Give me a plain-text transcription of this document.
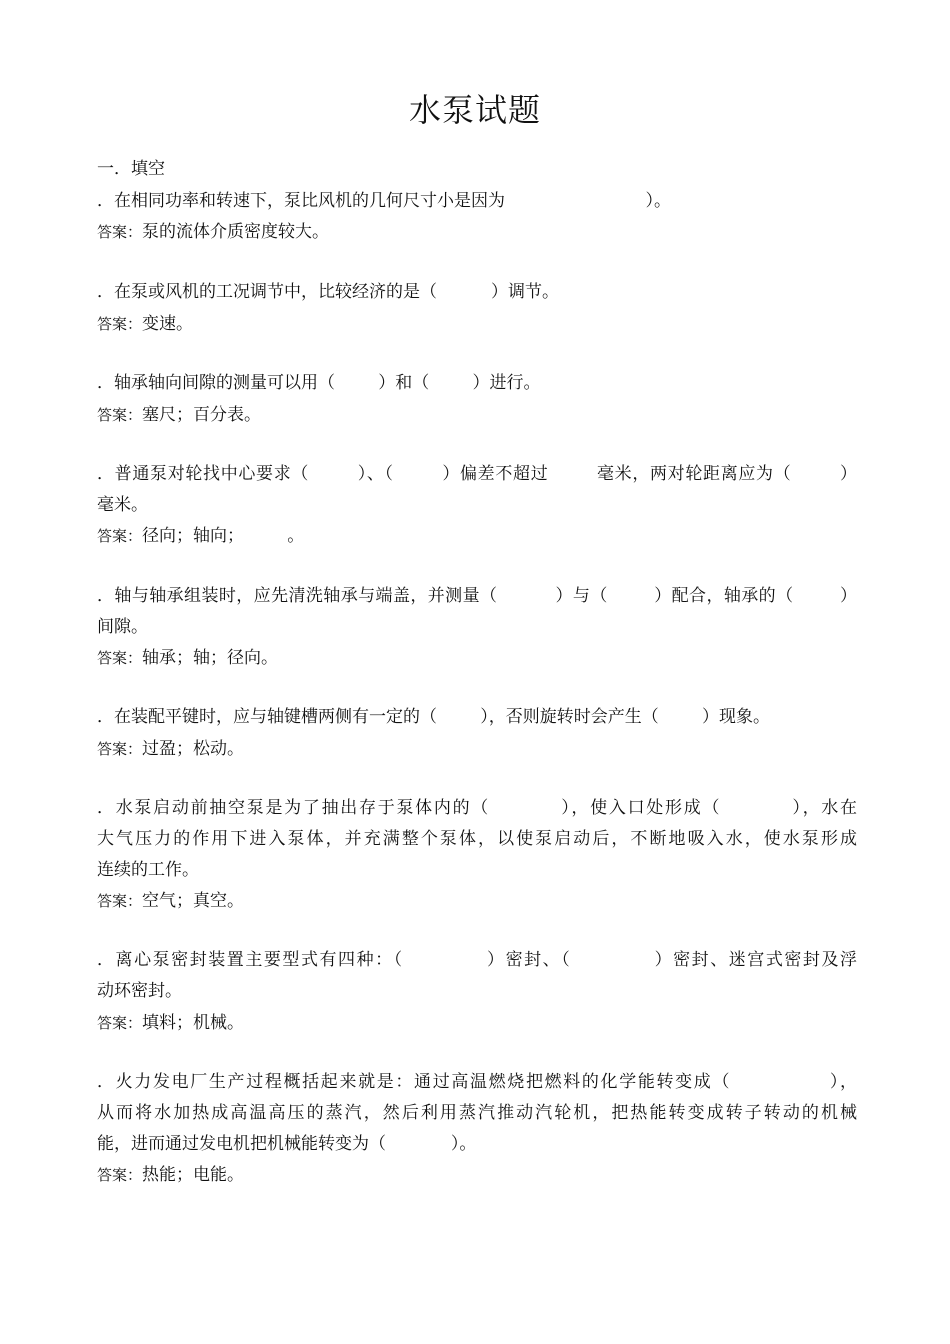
水泵试题
一．填空
．在相同功率和转速下，泵比风机的几何尺寸小是因为                          ）。
答案：泵的流体介质密度较大。
．在泵或风机的工况调节中，比较经济的是（          ）调节。
答案：变速。
．轴承轴向间隙的测量可以用（        ）和（        ）进行。
答案：塞尺；百分表。
．普通泵对轮找中心要求（        ）、（        ）偏差不超过        毫米，两对轮距离应为（        ）
毫米。
答案：径向；轴向；        。
．轴与轴承组装时，应先清洗轴承与端盖，并测量（          ）与（        ）配合，轴承的（        ）
间隙。
答案：轴承；轴；径向。
．在装配平键时，应与轴键槽两侧有一定的（        ），否则旋转时会产生（        ）现象。
答案：过盈；松动。
．水泵启动前抽空泵是为了抽出存于泵体内的（          ），使入口处形成（          ），水在
大气压力的作用下进入泵体，并充满整个泵体，以使泵启动后，不断地吸入水，使水泵形成
连续的工作。
答案：空气；真空。
．离心泵密封装置主要型式有四种：（            ）密封、（            ）密封、迷宫式密封及浮
动环密封。
答案：填料；机械。
．火力发电厂生产过程概括起来就是：通过高温燃烧把燃料的化学能转变成（              ），
从而将水加热成高温高压的蒸汽，然后利用蒸汽推动汽轮机，把热能转变成转子转动的机械
能，进而通过发电机把机械能转变为（            ）。
答案：热能；电能。
